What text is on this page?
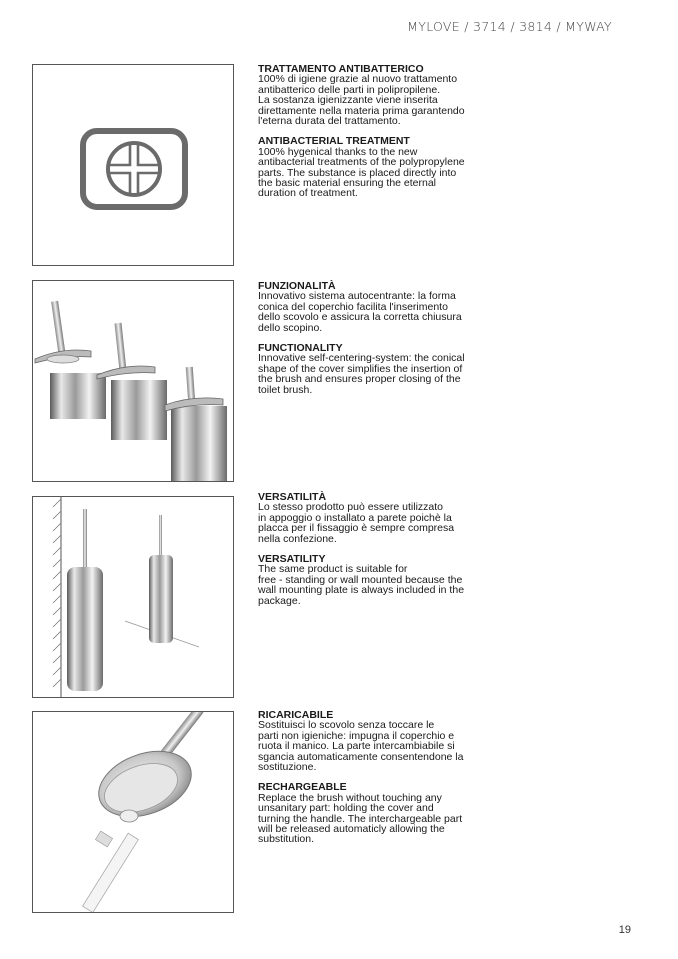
MYLOVE / 3714 / 3814 / MYWAY
TRATTAMENTO ANTIBATTERICO

100% di igiene grazie al nuovo trattamento
antibatterico delle parti in polipropilene.
La sostanza igienizzante viene inserita
direttamente nella materia prima garantendo
l'eterna durata del trattamento.

ANTIBACTERIAL TREATMENT

100% hygenical thanks to the new
antibacterial treatments of the polypropylene
parts. The substance is placed directly into
the basic material ensuring the eternal
duration of treatment.

FUNZIONALITÀ

Innovativo sistema autocentrante: la forma
conica del coperchio facilita l'inserimento
dello scovolo e assicura la corretta chiusura
dello scopino.

FUNCTIONALITY

Innovative self-centering-system: the conical
shape of the cover simplifies the insertion of
the brush and ensures proper closing of the
toilet brush.

VERSATILITÀ

Lo stesso prodotto può essere utilizzato
in appoggio o installato a parete poichè la
placca per il fissaggio è sempre compresa
nella confezione.

VERSATILITY

The same product is suitable for
free - standing or wall mounted because the
wall mounting plate is always included in the
package.

RICARICABILE

Sostituisci lo scovolo senza toccare le
parti non igieniche: impugna il coperchio e
ruota il manico. La parte intercambiabile si
sgancia automaticamente consentendone la
sostituzione.

RECHARGEABLE

Replace the brush without touching any
unsanitary part: holding the cover and
turning the handle. The interchargeable part
will be released automaticly allowing the
substitution.

19
